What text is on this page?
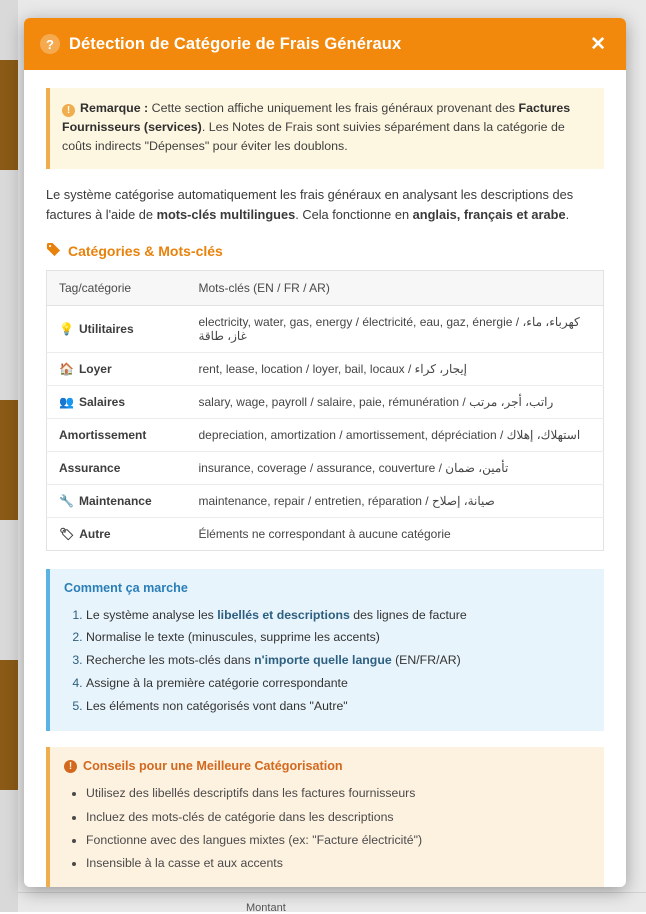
Montant
? Détection de Catégorie de Frais Généraux	✕
! Remarque : Cette section affiche uniquement les frais généraux provenant des Factures Fournisseurs (services). Les Notes de Frais sont suivies séparément dans la catégorie de coûts indirects "Dépenses" pour éviter les doublons.

Le système catégorise automatiquement les frais généraux en analysant les descriptions des factures à l'aide de mots-clés multilingues. Cela fonctionne en anglais, français et arabe.

Catégories & Mots-clés
Tag/catégorie	Mots-clés (EN / FR / AR)
💡 Utilitaires	electricity, water, gas, energy / électricité, eau, gaz, énergie / كهرباء، ماء، غاز، طاقة
🏠 Loyer	rent, lease, location / loyer, bail, locaux / إيجار، كراء
👥 Salaires	salary, wage, payroll / salaire, paie, rémunération / راتب، أجر، مرتب
Amortissement	depreciation, amortization / amortissement, dépréciation / استهلاك، إهلاك
Assurance	insurance, coverage / assurance, couverture / تأمين، ضمان
🔧 Maintenance	maintenance, repair / entretien, réparation / صيانة، إصلاح
🏷 Autre	Éléments ne correspondant à aucune catégorie
Comment ça marche
1. Le système analyse les libellés et descriptions des lignes de facture
2. Normalise le texte (minuscules, supprime les accents)
3. Recherche les mots-clés dans n'importe quelle langue (EN/FR/AR)
4. Assigne à la première catégorie correspondante
5. Les éléments non catégorisés vont dans "Autre"
! Conseils pour une Meilleure Catégorisation
• Utilisez des libellés descriptifs dans les factures fournisseurs
• Incluez des mots-clés de catégorie dans les descriptions
• Fonctionne avec des langues mixtes (ex: "Facture électricité")
• Insensible à la casse et aux accents
